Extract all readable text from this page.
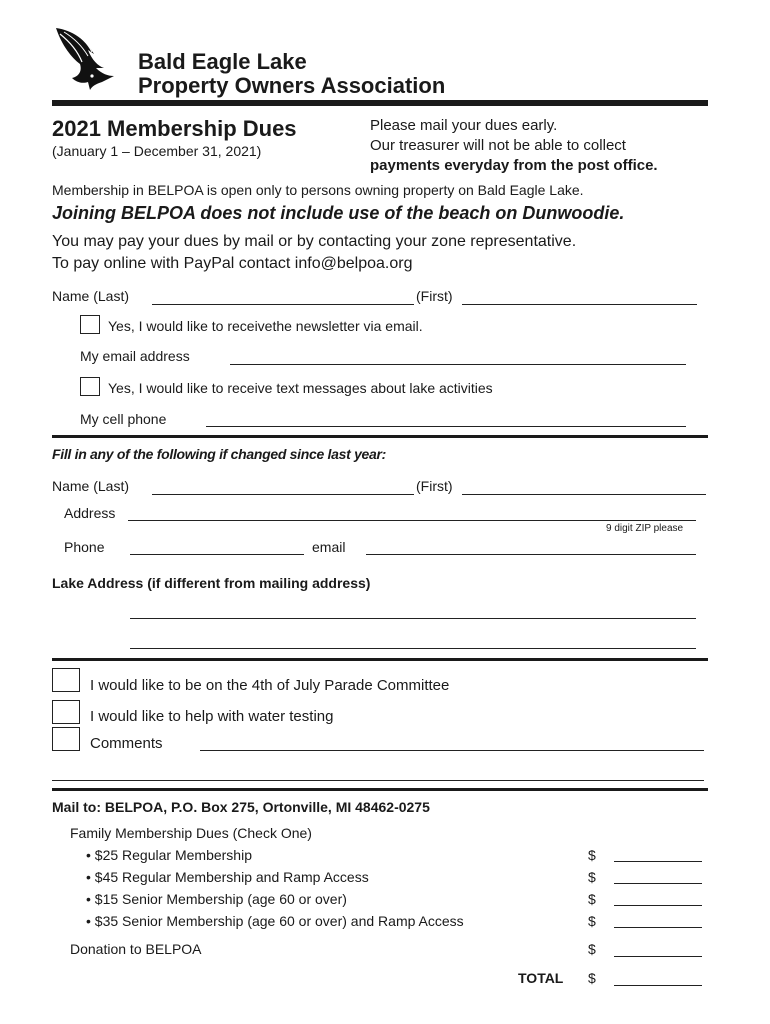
Bald Eagle Lake
Property Owners Association
2021 Membership Dues
(January 1 – December 31, 2021)
Please mail your dues early.
Our treasurer will not be able to collect
payments everyday from the post office.
Membership in BELPOA is open only to persons owning property on Bald Eagle Lake.
Joining BELPOA does not include use of the beach on Dunwoodie.
You may pay your dues by mail or by contacting your zone representative.
To pay online with PayPal contact info@belpoa.org
Name (Last)	(First)
Yes, I would like to receivethe newsletter via email.
My email address
Yes, I would like to receive text messages about lake activities
My cell phone
Fill in any of the following if changed since last year:
Name (Last)	(First)
Address
9 digit ZIP please
Phone	email
Lake Address (if different from mailing address)
I would like to be on the 4th of July Parade Committee
I would like to help with water testing
Comments
Mail to: BELPOA, P.O. Box 275, Ortonville, MI 48462-0275
Family Membership Dues (Check One)
• $25 Regular Membership	$
• $45 Regular Membership and Ramp Access	$
• $15 Senior Membership (age 60 or over)	$
• $35 Senior Membership (age 60 or over) and Ramp Access	$
Donation to BELPOA	$
TOTAL $
